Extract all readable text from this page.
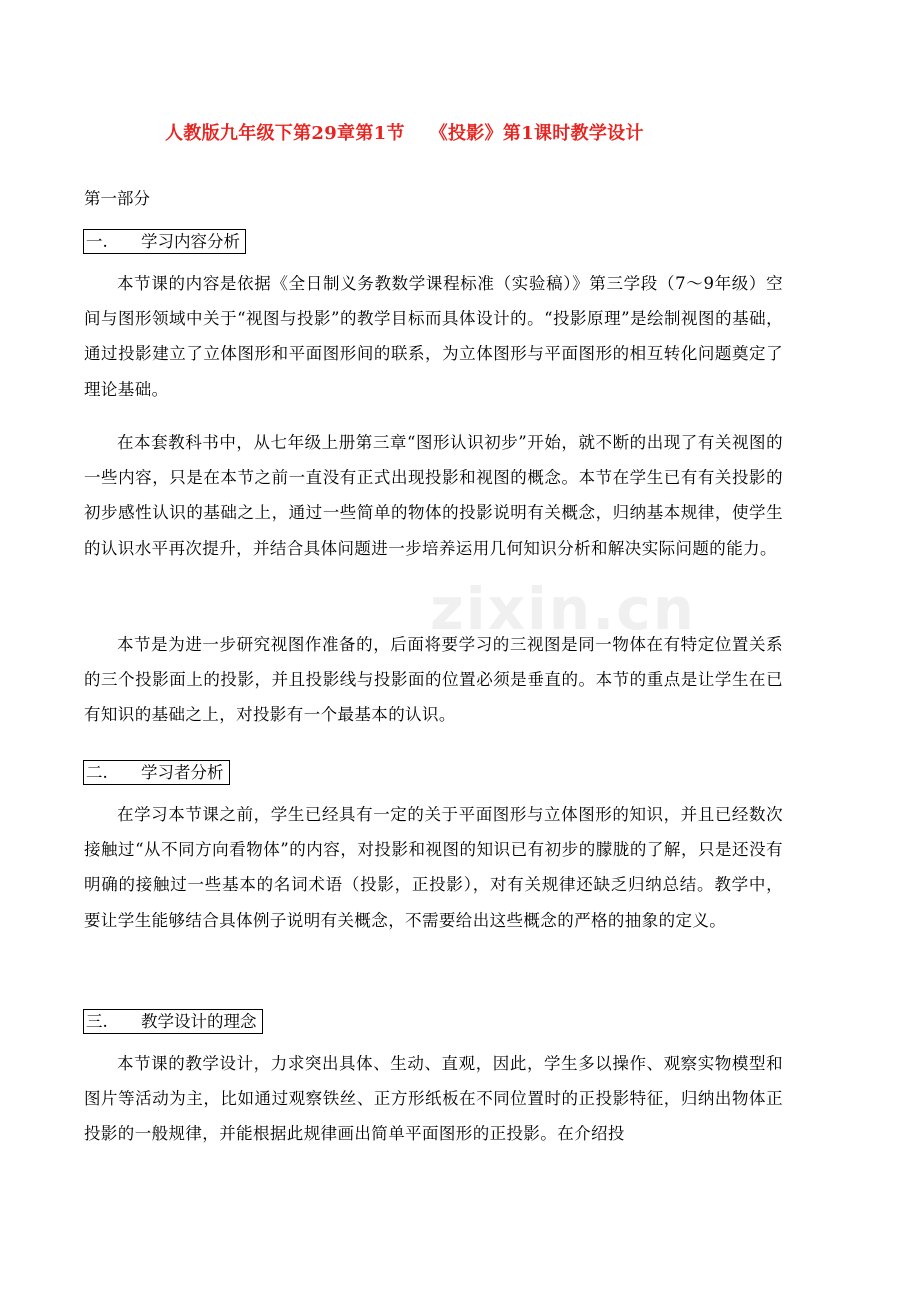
zixin.cn
人教版九年级下第29章第1节　 《投影》第1课时教学设计

第一部分

一. 学习内容分析

本节课的内容是依据《全日制义务教数学课程标准（实验稿）》第三学段（7～9年级）空间与图形领域中关于“视图与投影”的教学目标而具体设计的。“投影原理”是绘制视图的基础，通过投影建立了立体图形和平面图形间的联系，为立体图形与平面图形的相互转化问题奠定了理论基础。

在本套教科书中，从七年级上册第三章“图形认识初步”开始，就不断的出现了有关视图的一些内容，只是在本节之前一直没有正式出现投影和视图的概念。本节在学生已有有关投影的初步感性认识的基础之上，通过一些简单的物体的投影说明有关概念，归纳基本规律，使学生的认识水平再次提升，并结合具体问题进一步培养运用几何知识分析和解决实际问题的能力。

本节是为进一步研究视图作准备的，后面将要学习的三视图是同一物体在有特定位置关系的三个投影面上的投影，并且投影线与投影面的位置必须是垂直的。本节的重点是让学生在已有知识的基础之上，对投影有一个最基本的认识。

二. 学习者分析

在学习本节课之前，学生已经具有一定的关于平面图形与立体图形的知识，并且已经数次接触过“从不同方向看物体”的内容，对投影和视图的知识已有初步的朦胧的了解，只是还没有明确的接触过一些基本的名词术语（投影，正投影），对有关规律还缺乏归纳总结。教学中，要让学生能够结合具体例子说明有关概念，不需要给出这些概念的严格的抽象的定义。

三. 教学设计的理念

本节课的教学设计，力求突出具体、生动、直观，因此，学生多以操作、观察实物模型和图片等活动为主，比如通过观察铁丝、正方形纸板在不同位置时的正投影特征，归纳出物体正投影的一般规律，并能根据此规律画出简单平面图形的正投影。在介绍投
